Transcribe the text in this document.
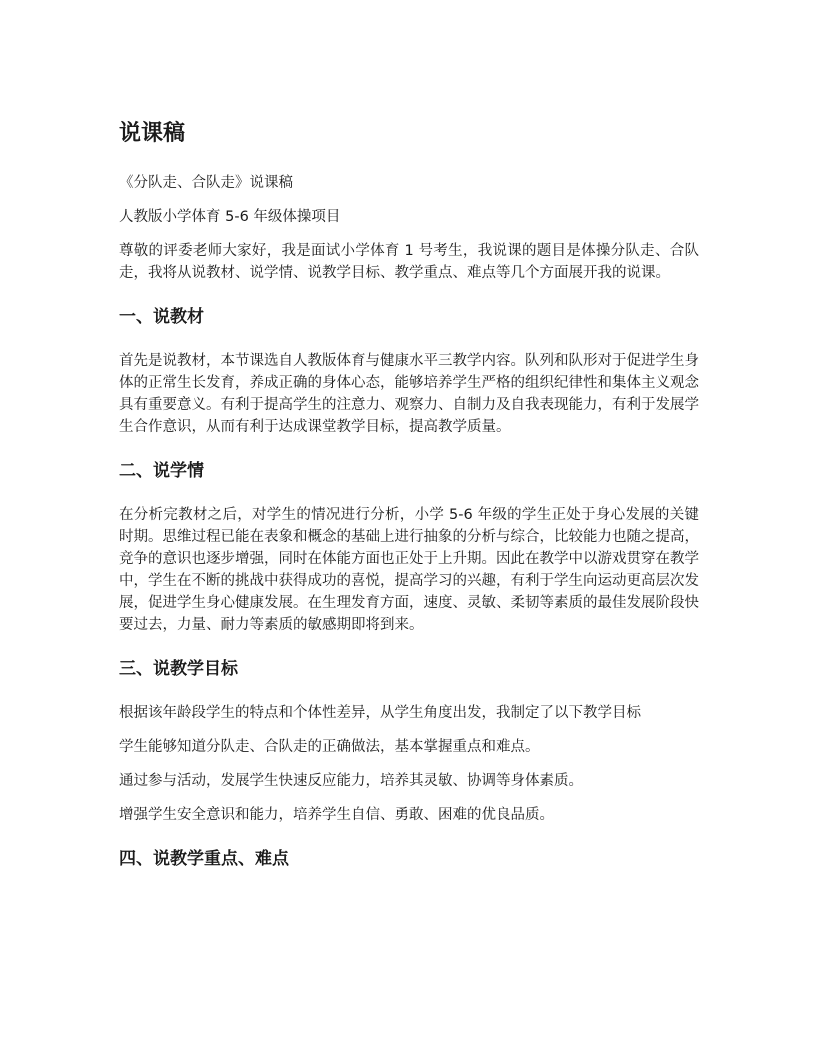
说课稿

《分队走、合队走》说课稿

人教版小学体育 5-6 年级体操项目

尊敬的评委老师大家好，我是面试小学体育 1 号考生，我说课的题目是体操分队走、合队走，我将从说教材、说学情、说教学目标、教学重点、难点等几个方面展开我的说课。

一、说教材

首先是说教材，本节课选自人教版体育与健康水平三教学内容。队列和队形对于促进学生身体的正常生长发育，养成正确的身体心态，能够培养学生严格的组织纪律性和集体主义观念具有重要意义。有利于提高学生的注意力、观察力、自制力及自我表现能力，有利于发展学生合作意识，从而有利于达成课堂教学目标，提高教学质量。

二、说学情

在分析完教材之后，对学生的情况进行分析，小学 5-6 年级的学生正处于身心发展的关键时期。思维过程已能在表象和概念的基础上进行抽象的分析与综合，比较能力也随之提高，竞争的意识也逐步增强，同时在体能方面也正处于上升期。因此在教学中以游戏贯穿在教学中，学生在不断的挑战中获得成功的喜悦，提高学习的兴趣，有利于学生向运动更高层次发展，促进学生身心健康发展。在生理发育方面，速度、灵敏、柔韧等素质的最佳发展阶段快要过去，力量、耐力等素质的敏感期即将到来。

三、说教学目标

根据该年龄段学生的特点和个体性差异，从学生角度出发，我制定了以下教学目标

学生能够知道分队走、合队走的正确做法，基本掌握重点和难点。

通过参与活动，发展学生快速反应能力，培养其灵敏、协调等身体素质。

增强学生安全意识和能力，培养学生自信、勇敢、困难的优良品质。

四、说教学重点、难点
